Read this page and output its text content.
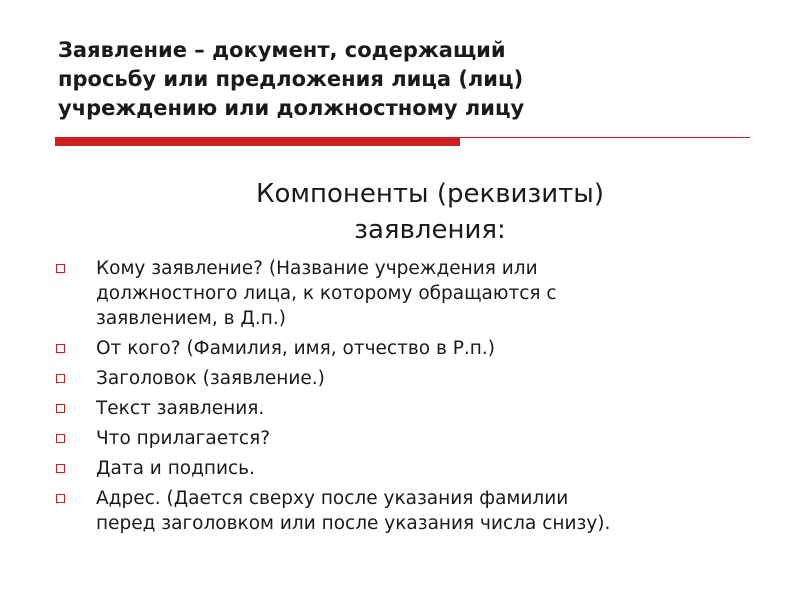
Заявление – документ, содержащий
просьбу или предложения лица (лиц)
учреждению или должностному лицу
Компоненты (реквизиты)
заявления:
Кому заявление? (Название учреждения или
должностного лица, к которому обращаются с
заявлением, в Д.п.)
От кого? (Фамилия, имя, отчество в Р.п.)
Заголовок (заявление.)
Текст заявления.
Что прилагается?
Дата и подпись.
Адрес. (Дается сверху после указания фамилии
перед заголовком или после указания числа снизу).
